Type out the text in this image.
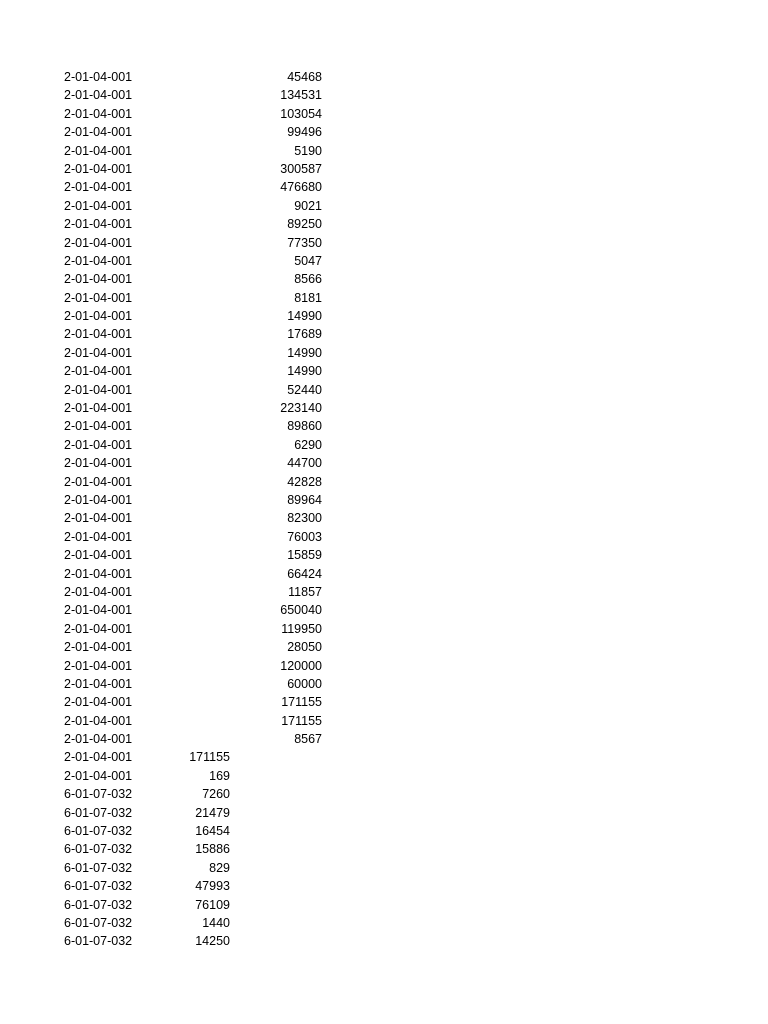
2-01-04-001	45468
2-01-04-001	134531
2-01-04-001	103054
2-01-04-001	99496
2-01-04-001	5190
2-01-04-001	300587
2-01-04-001	476680
2-01-04-001	9021
2-01-04-001	89250
2-01-04-001	77350
2-01-04-001	5047
2-01-04-001	8566
2-01-04-001	8181
2-01-04-001	14990
2-01-04-001	17689
2-01-04-001	14990
2-01-04-001	14990
2-01-04-001	52440
2-01-04-001	223140
2-01-04-001	89860
2-01-04-001	6290
2-01-04-001	44700
2-01-04-001	42828
2-01-04-001	89964
2-01-04-001	82300
2-01-04-001	76003
2-01-04-001	15859
2-01-04-001	66424
2-01-04-001	11857
2-01-04-001	650040
2-01-04-001	119950
2-01-04-001	28050
2-01-04-001	120000
2-01-04-001	60000
2-01-04-001	171155
2-01-04-001	171155
2-01-04-001	8567
2-01-04-001	171155
2-01-04-001	169
6-01-07-032	7260
6-01-07-032	21479
6-01-07-032	16454
6-01-07-032	15886
6-01-07-032	829
6-01-07-032	47993
6-01-07-032	76109
6-01-07-032	1440
6-01-07-032	14250
